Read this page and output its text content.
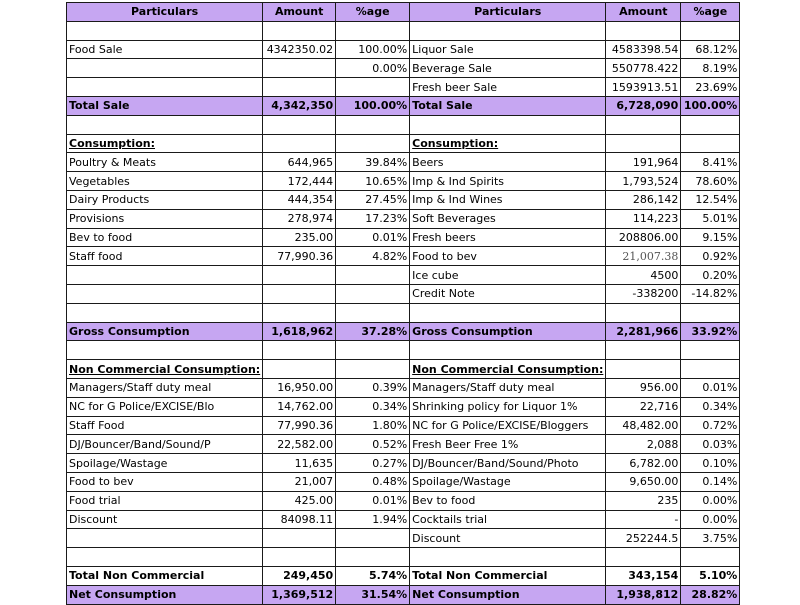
Particulars	Amount	%age	Particulars	Amount	%age

Food Sale	4342350.02	100.00%	Liquor Sale	4583398.54	68.12%
		0.00%	Beverage Sale	550778.422	8.19%
			Fresh beer Sale	1593913.51	23.69%
Total Sale	4,342,350	100.00%	Total Sale	6,728,090	100.00%

Consumption:			Consumption:		
Poultry & Meats	644,965	39.84%	Beers	191,964	8.41%
Vegetables	172,444	10.65%	Imp & Ind Spirits	1,793,524	78.60%
Dairy Products	444,354	27.45%	Imp & Ind Wines	286,142	12.54%
Provisions	278,974	17.23%	Soft Beverages	114,223	5.01%
Bev to food	235.00	0.01%	Fresh beers	208806.00	9.15%
Staff food	77,990.36	4.82%	Food to bev	21,007.38	0.92%
			Ice cube	4500	0.20%
			Credit Note	-338200	-14.82%

Gross Consumption	1,618,962	37.28%	Gross Consumption	2,281,966	33.92%

Non Commercial Consumption:			Non Commercial Consumption:		
Managers/Staff duty meal	16,950.00	0.39%	Managers/Staff duty meal	956.00	0.01%
NC for G Police/EXCISE/Blo	14,762.00	0.34%	Shrinking policy for Liquor 1%	22,716	0.34%
Staff Food	77,990.36	1.80%	NC for G Police/EXCISE/Bloggers	48,482.00	0.72%
DJ/Bouncer/Band/Sound/P	22,582.00	0.52%	Fresh Beer Free 1%	2,088	0.03%
Spoilage/Wastage	11,635	0.27%	DJ/Bouncer/Band/Sound/Photo	6,782.00	0.10%
Food to bev	21,007	0.48%	Spoilage/Wastage	9,650.00	0.14%
Food trial	425.00	0.01%	Bev to food	235	0.00%
Discount	84098.11	1.94%	Cocktails trial	-	0.00%
			Discount	252244.5	3.75%

Total Non Commercial	249,450	5.74%	Total Non Commercial	343,154	5.10%
Net Consumption	1,369,512	31.54%	Net Consumption	1,938,812	28.82%
